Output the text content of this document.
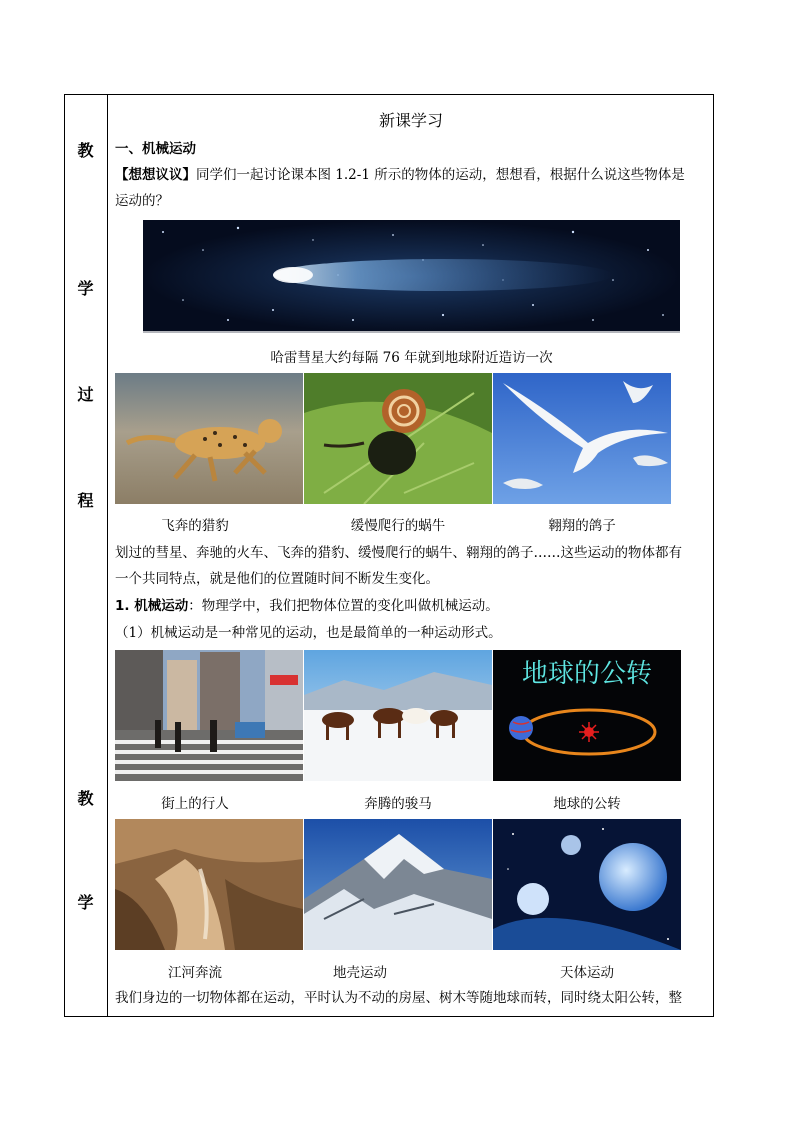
教
学
过
程
教
学
新课学习
一、机械运动
【想想议议】同学们一起讨论课本图 1.2-1 所示的物体的运动，想想看，根据什么说这些物体是
运动的？
哈雷彗星大约每隔 76 年就到地球附近造访一次
飞奔的猎豹	缓慢爬行的蜗牛	翱翔的鸽子
划过的彗星、奔驰的火车、飞奔的猎豹、缓慢爬行的蜗牛、翱翔的鸽子……这些运动的物体都有
一个共同特点，就是他们的位置随时间不断发生变化。
1. 机械运动：物理学中，我们把物体位置的变化叫做机械运动。
（1）机械运动是一种常见的运动，也是最简单的一种运动形式。
地球的公转
街上的行人	奔腾的骏马	地球的公转
江河奔流	地壳运动	天体运动
我们身边的一切物体都在运动，平时认为不动的房屋、树木等随地球而转，同时绕太阳公转，整
